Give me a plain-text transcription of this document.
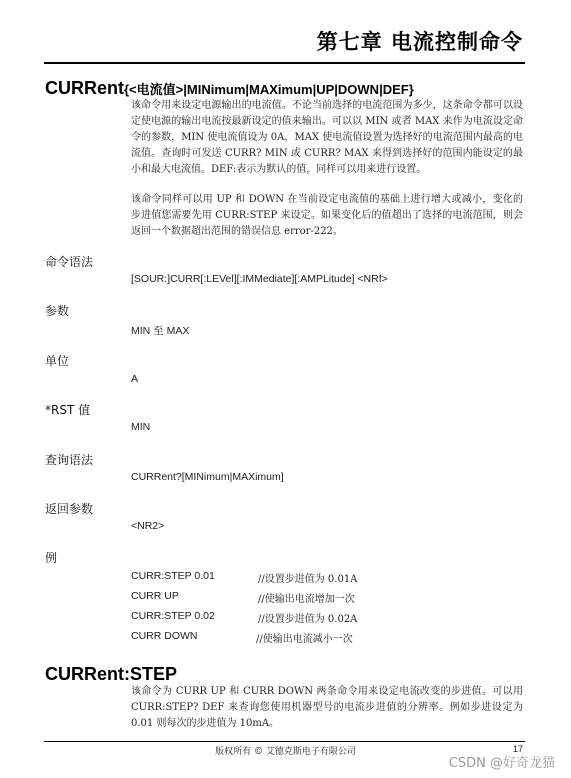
第七章 电流控制命令
CURRent{<电流值>|MINimum|MAXimum|UP|DOWN|DEF}
该命令用来设定电源输出的电流值。不论当前选择的电流范围为多少，这条命令都可以设定使电源的输出电流按最新设定的值来输出。可以以 MIN 或者 MAX 来作为电流设定命令的参数，MIN 使电流值设为 0A，MAX 使电流值设置为选择好的电流范围内最高的电流值。查询时可发送 CURR? MIN 或 CURR? MAX 来得到选择好的范围内能设定的最小和最大电流值。DEF:表示为默认的值，同样可以用来进行设置。
该命令同样可以用 UP 和 DOWN 在当前设定电流值的基础上进行增大或减小，变化的步进值您需要先用 CURR:STEP 来设定。如果变化后的值超出了选择的电流范围，则会返回一个数据超出范围的错误信息 error-222。
命令语法
[SOUR:]CURR[:LEVel][:IMMediate][:AMPLitude] <NRf>
参数
MIN 至 MAX
单位
A
*RST 值
MIN
查询语法
CURRent?[MINimum|MAXimum]
返回参数
<NR2>
例
CURR:STEP 0.01	//设置步进值为 0.01A
CURR UP	//使输出电流增加一次
CURR:STEP 0.02	//设置步进值为 0.02A
CURR DOWN	//使输出电流减小一次
CURRent:STEP
该命令为 CURR UP 和 CURR DOWN 两条命令用来设定电流改变的步进值。可以用 CURR:STEP? DEF 来查询您使用机器型号的电流步进值的分辨率。例如步进设定为 0.01 则每次的步进值为 10mA。
版权所有 © 艾德克斯电子有限公司	17
CSDN @好奇龙猫
